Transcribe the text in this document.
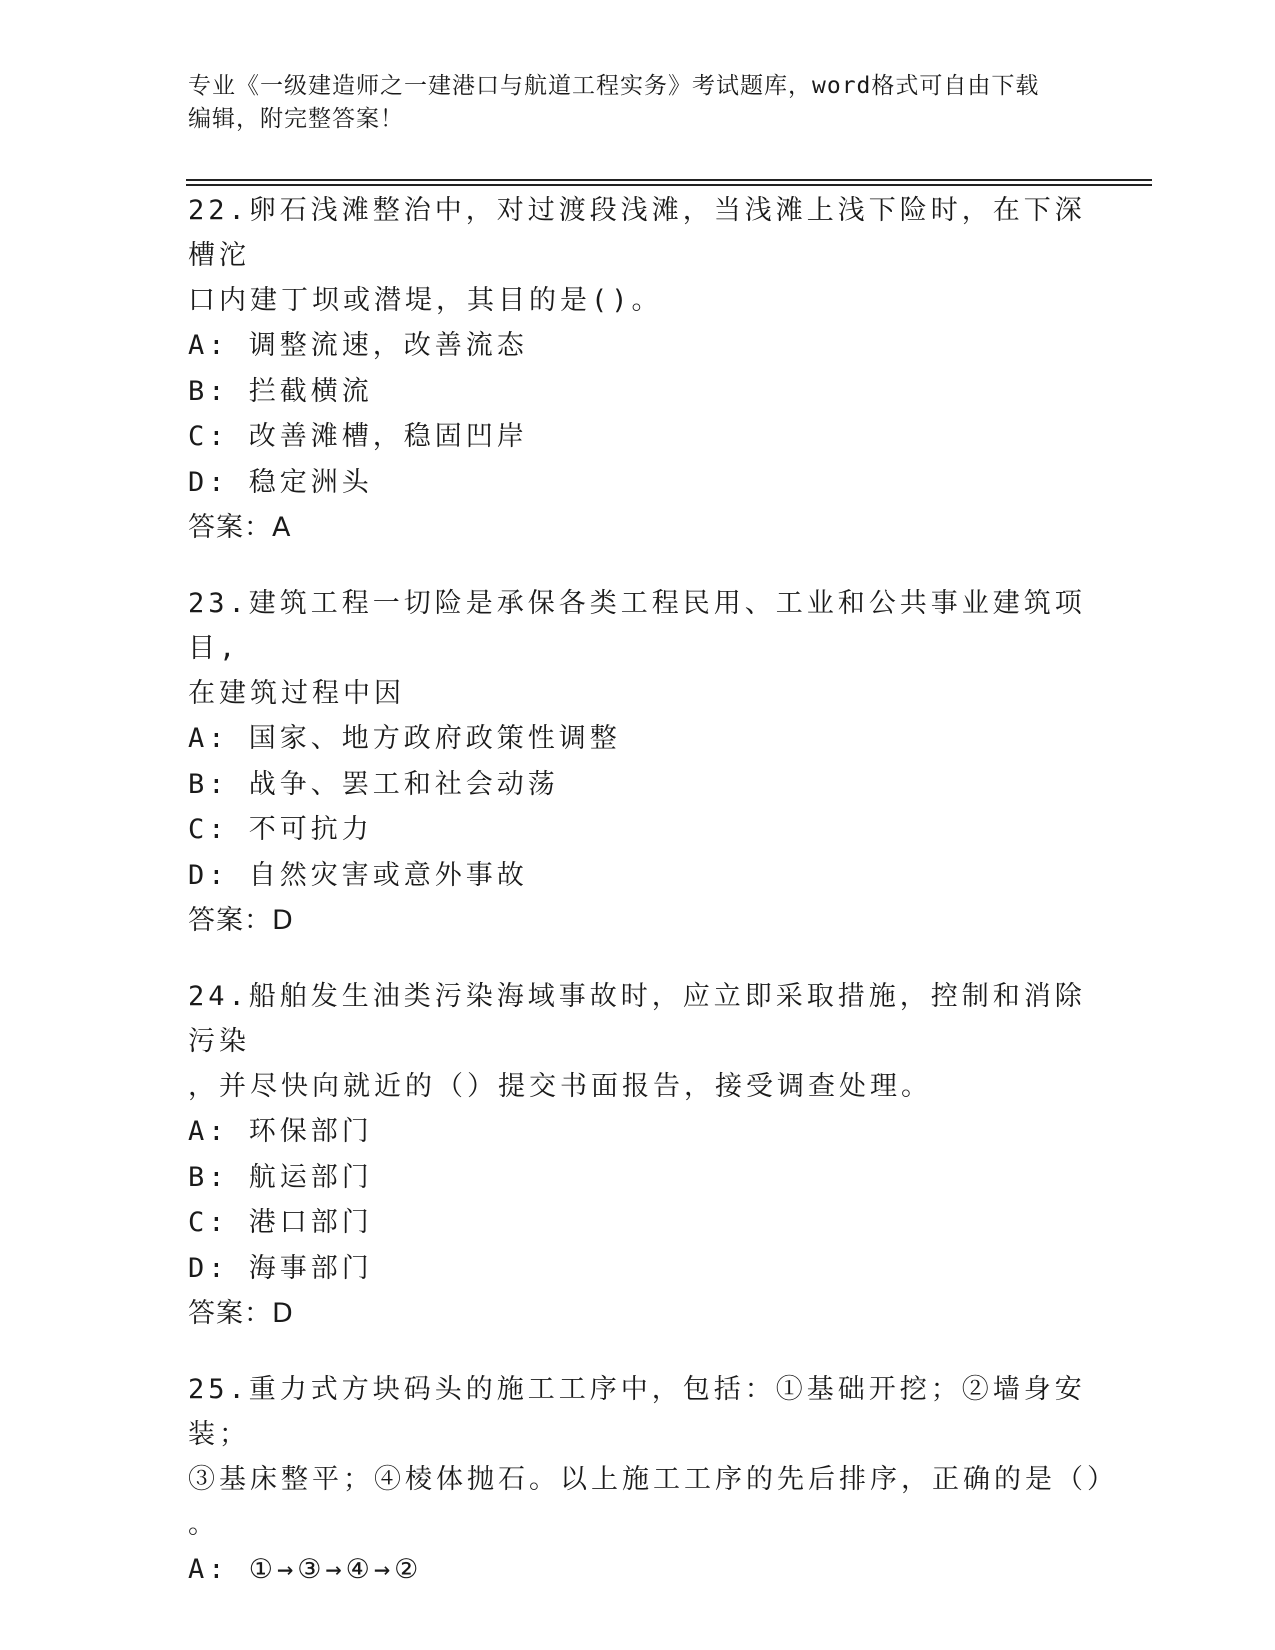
专业《一级建造师之一建港口与航道工程实务》考试题库，word格式可自由下载
编辑，附完整答案！
22.卵石浅滩整治中，对过渡段浅滩，当浅滩上浅下险时，在下深槽沱
口内建丁坝或潜堤，其目的是()。
A: 调整流速，改善流态
B: 拦截横流
C: 改善滩槽，稳固凹岸
D: 稳定洲头
答案：A
23.建筑工程一切险是承保各类工程民用、工业和公共事业建筑项目,
在建筑过程中因
A: 国家、地方政府政策性调整
B: 战争、罢工和社会动荡
C: 不可抗力
D: 自然灾害或意外事故
答案：D
24.船舶发生油类污染海域事故时，应立即采取措施，控制和消除污染
，并尽快向就近的（）提交书面报告，接受调查处理。
A: 环保部门
B: 航运部门
C: 港口部门
D: 海事部门
答案：D
25.重力式方块码头的施工工序中，包括：①基础开挖；②墙身安装；
③基床整平；④棱体抛石。以上施工工序的先后排序，正确的是（）
。
A: ①→③→④→②
